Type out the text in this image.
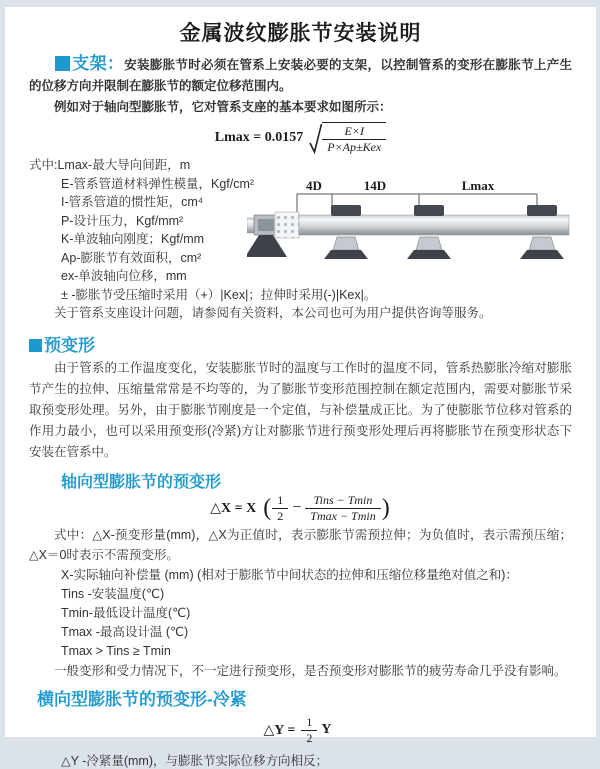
金属波纹膨胀节安装说明

支架：安装膨胀节时必须在管系上安装必要的支架，以控制管系的变形在膨胀节上产生的位移方向并限制在膨胀节的额定位移范围内。

例如对于轴向型膨胀节，它对管系支座的基本要求如图所示：

$Lmax = 0.0157 \frac{E\times I}{\text{P×Ap±Kex}}$
式中:Lmax-最大导向间距，m
E-管系管道材料弹性模量，Kgf/cm²
I-管系管道的惯性矩，cm⁴
P-设计压力，Kgf/mm²
K-单波轴向刚度；Kgf/mm
Ap-膨胀节有效面积，cm²
ex-单波轴向位移，mm
± -膨胀节受压缩时采用（+）|Kex|；拉伸时采用(-)|Kex|。
关于管系支座设计问题，请参阅有关资料，本公司也可为用户提供咨询等服务。
4D	14D	Lmax
预变形

由于管系的工作温度变化，安装膨胀节时的温度与工作时的温度不同，管系热膨胀冷缩对膨胀节产生的拉伸、压缩量常常是不均等的，为了膨胀节变形范围控制在额定范围内，需要对膨胀节采取预变形处理。另外，由于膨胀节刚度是一个定值，与补偿量成正比。为了使膨胀节位移对管系的作用力最小，也可以采用预变形(冷紧)方让对膨胀节进行预变形处理后再将膨胀节在预变形状态下安装在管系中。

轴向型膨胀节的预变形
△X = X ( $\frac{1}{2} - \frac{\text{Tins − Tmin}}{Tmax - Tmin}$ )

式中：△X-预变形量(mm)，△X为正值时，表示膨胀节需预拉伸；为负值时，表示需预压缩；△X＝0时表示不需预变形。

X-实际轴向补偿量 (mm) (相对于膨胀节中间状态的拉伸和压缩位移量绝对值之和)：
Tins -安装温度(℃)
Tmin-最低设计温度(℃)
Tmax -最高设计温 (℃)
Tmax > Tins ≥ Tmin

一般变形和受力情况下，不一定进行预变形，是否预变形对膨胀节的疲劳寿命几乎没有影响。

横向型膨胀节的预变形-冷紧
△Y = $\frac{1}{2}$ Y

△Y -冷紧量(mm)，与膨胀节实际位移方向相反；
